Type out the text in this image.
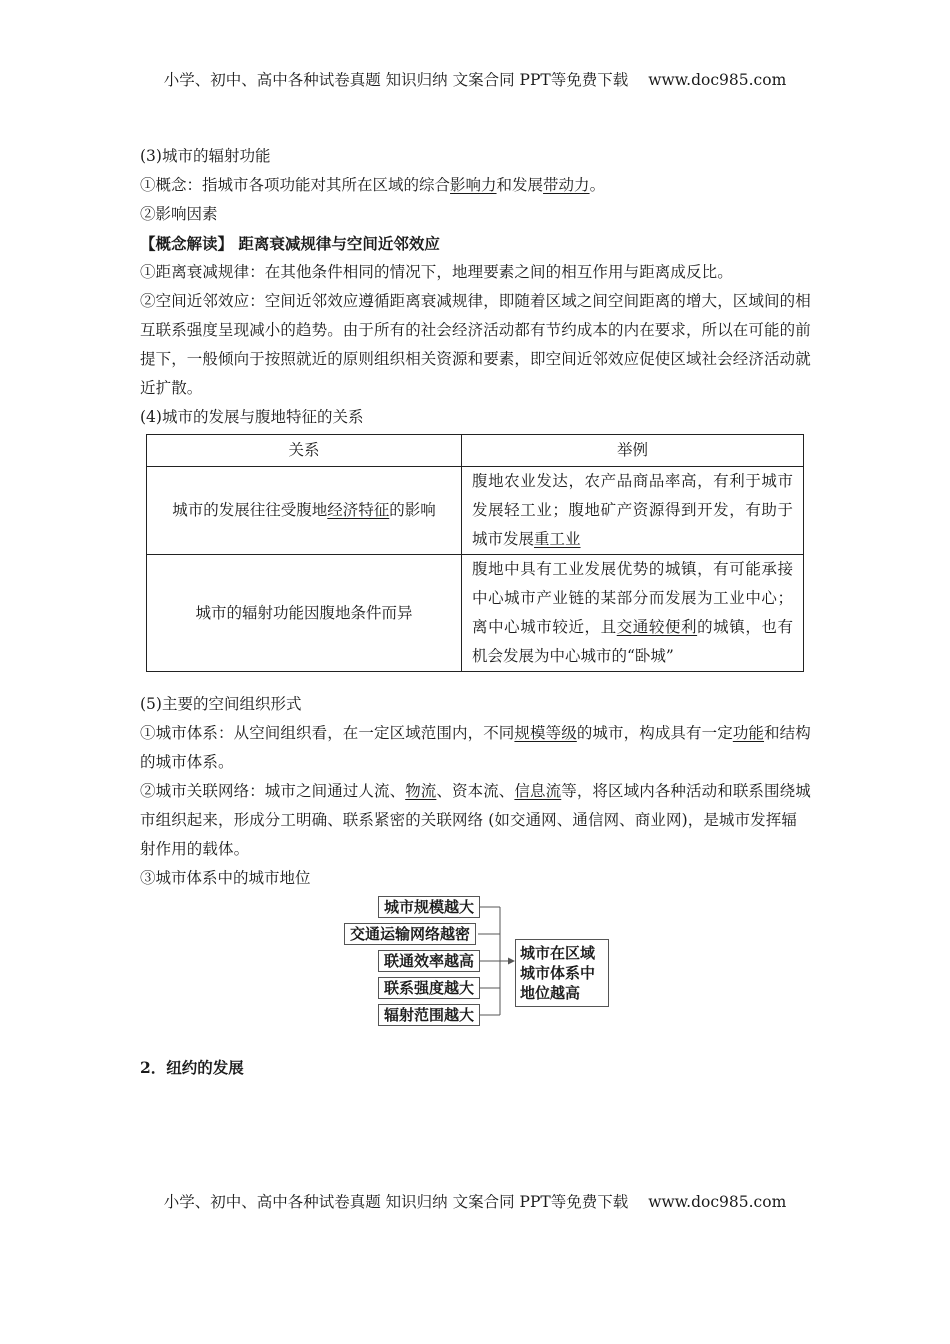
小学、初中、高中各种试卷真题 知识归纳 文案合同 PPT等免费下载 www.doc985.com
(3)城市的辐射功能
①概念：指城市各项功能对其所在区域的综合影响力和发展带动力。
②影响因素
【概念解读】 距离衰减规律与空间近邻效应
①距离衰减规律：在其他条件相同的情况下，地理要素之间的相互作用与距离成反比。
②空间近邻效应：空间近邻效应遵循距离衰减规律，即随着区域之间空间距离的增大，区域间的相互联系强度呈现减小的趋势。由于所有的社会经济活动都有节约成本的内在要求，所以在可能的前提下，一般倾向于按照就近的原则组织相关资源和要素，即空间近邻效应促使区域社会经济活动就近扩散。
(4)城市的发展与腹地特征的关系
关系	举例
城市的发展往往受腹地经济特征的影响	腹地农业发达，农产品商品率高，有利于城市发展轻工业；腹地矿产资源得到开发，有助于城市发展重工业
城市的辐射功能因腹地条件而异	腹地中具有工业发展优势的城镇，有可能承接中心城市产业链的某部分而发展为工业中心；离中心城市较近，且交通较便利的城镇，也有机会发展为中心城市的“卧城”
(5)主要的空间组织形式
①城市体系：从空间组织看，在一定区域范围内，不同规模等级的城市，构成具有一定功能和结构的城市体系。
②城市关联网络：城市之间通过人流、物流、资本流、信息流等，将区域内各种活动和联系围绕城市组织起来，形成分工明确、联系紧密的关联网络 (如交通网、通信网、商业网)，是城市发挥辐射作用的载体。
③城市体系中的城市地位
城市规模越大
交通运输网络越密
联通效率越高
联系强度越大
辐射范围越大
城市在区域城市体系中地位越高
2．纽约的发展
小学、初中、高中各种试卷真题 知识归纳 文案合同 PPT等免费下载 www.doc985.com
